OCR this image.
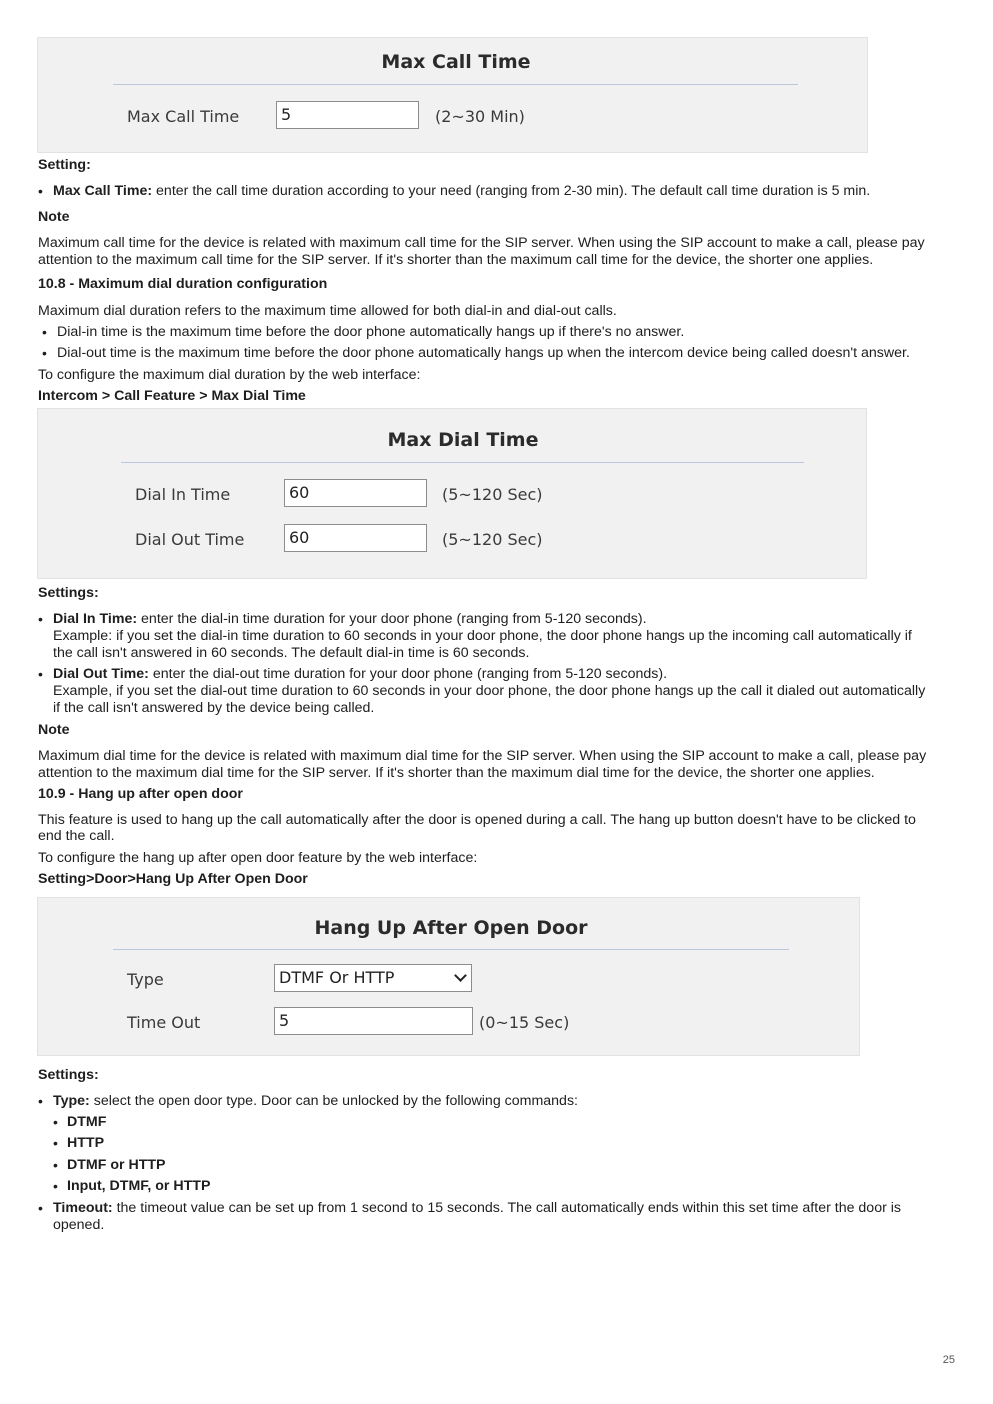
Max Call Time
Max Call Time	5	(2~30 Min)
Setting:
• Max Call Time: enter the call time duration according to your need (ranging from 2-30 min). The default call time duration is 5 min.
Note
Maximum call time for the device is related with maximum call time for the SIP server. When using the SIP account to make a call, please pay
attention to the maximum call time for the SIP server. If it's shorter than the maximum call time for the device, the shorter one applies.
10.8 - Maximum dial duration configuration
Maximum dial duration refers to the maximum time allowed for both dial-in and dial-out calls.
• Dial-in time is the maximum time before the door phone automatically hangs up if there's no answer.
• Dial-out time is the maximum time before the door phone automatically hangs up when the intercom device being called doesn't answer.
To configure the maximum dial duration by the web interface:
Intercom > Call Feature > Max Dial Time
Max Dial Time
Dial In Time	60	(5~120 Sec)
Dial Out Time	60	(5~120 Sec)
Settings:
• Dial In Time: enter the dial-in time duration for your door phone (ranging from 5-120 seconds).
Example: if you set the dial-in time duration to 60 seconds in your door phone, the door phone hangs up the incoming call automatically if
the call isn't answered in 60 seconds. The default dial-in time is 60 seconds.
• Dial Out Time: enter the dial-out time duration for your door phone (ranging from 5-120 seconds).
Example, if you set the dial-out time duration to 60 seconds in your door phone, the door phone hangs up the call it dialed out automatically
if the call isn't answered by the device being called.
Note
Maximum dial time for the device is related with maximum dial time for the SIP server. When using the SIP account to make a call, please pay
attention to the maximum dial time for the SIP server. If it's shorter than the maximum dial time for the device, the shorter one applies.
10.9 - Hang up after open door
This feature is used to hang up the call automatically after the door is opened during a call. The hang up button doesn't have to be clicked to
end the call.
To configure the hang up after open door feature by the web interface:
Setting>Door>Hang Up After Open Door
Hang Up After Open Door
Type	DTMF Or HTTP
Time Out	5	(0~15 Sec)
Settings:
• Type: select the open door type. Door can be unlocked by the following commands:
• DTMF
• HTTP
• DTMF or HTTP
• Input, DTMF, or HTTP
• Timeout: the timeout value can be set up from 1 second to 15 seconds. The call automatically ends within this set time after the door is
opened.
25
